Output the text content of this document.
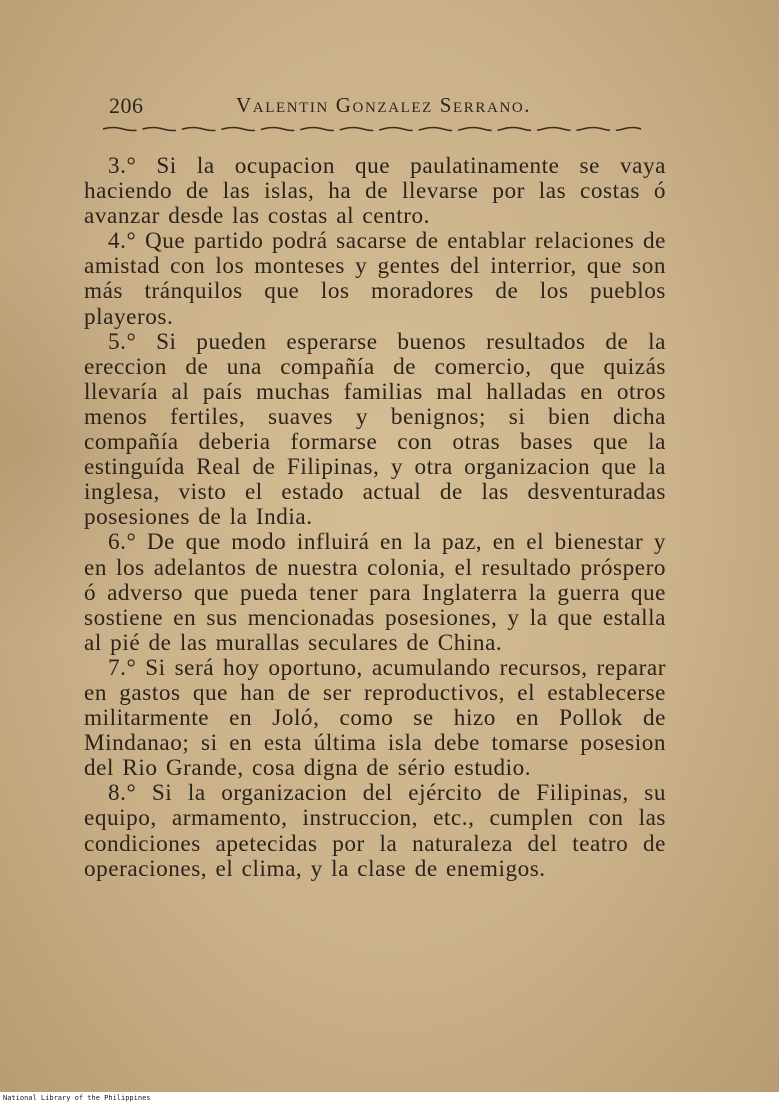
206	Valentin Gonzalez Serrano.

3.° Si la ocupacion que paulatinamente se vaya haciendo de las islas, ha de llevarse por las costas ó avanzar desde las costas al centro.

4.° Que partido podrá sacarse de entablar relaciones de amistad con los monteses y gentes del interrior, que son más tránquilos que los moradores de los pueblos playeros.

5.° Si pueden esperarse buenos resultados de la ereccion de una compañía de comercio, que quizás llevaría al país muchas familias mal halladas en otros menos fertiles, suaves y benignos; si bien dicha compañía deberia formarse con otras bases que la estinguída Real de Filipinas, y otra organizacion que la inglesa, visto el estado actual de las desventuradas posesiones de la India.

6.° De que modo influirá en la paz, en el bienestar y en los adelantos de nuestra colonia, el resultado próspero ó adverso que pueda tener para Inglaterra la guerra que sostiene en sus mencionadas posesiones, y la que estalla al pié de las murallas seculares de China.

7.° Si será hoy oportuno, acumulando recursos, reparar en gastos que han de ser reproductivos, el establecerse militarmente en Joló, como se hizo en Pollok de Mindanao; si en esta última isla debe tomarse posesion del Rio Grande, cosa digna de sério estudio.

8.° Si la organizacion del ejército de Filipinas, su equipo, armamento, instruccion, etc., cumplen con las condiciones apetecidas por la naturaleza del teatro de operaciones, el clima, y la clase de enemigos.

National Library of the Philippines
